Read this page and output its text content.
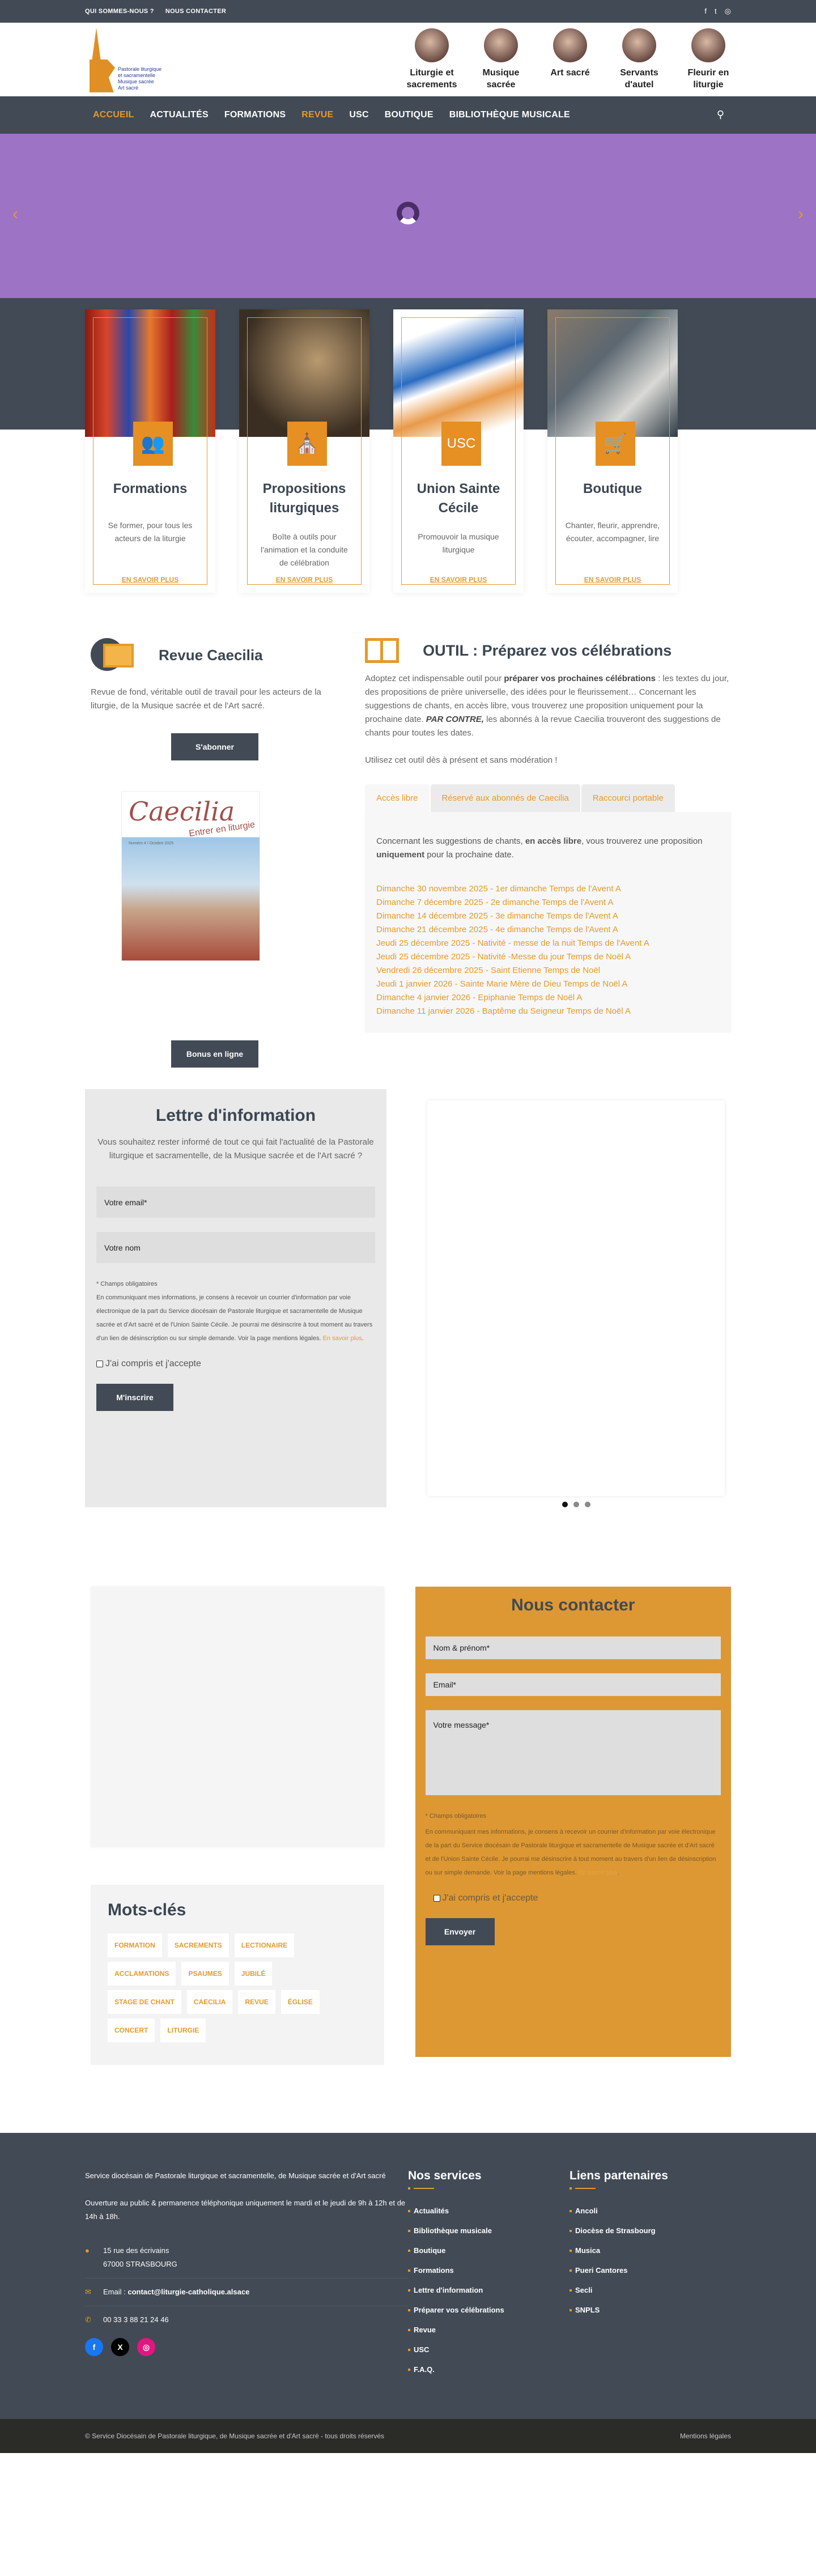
QUI SOMMES-NOUS ? NOUS CONTACTER	f t ◎
Pastorale liturgique
et sacramentelle
Musique sacrée
Art sacré
Liturgie et sacrements
Musique sacrée
Art sacré	Servants d'autel
Fleurir en liturgie
ACCUEIL ACTUALITÉS FORMATIONS REVUE USC BOUTIQUE BIBLIOTHÈQUE MUSICALE	⚲
‹	›
👥
Formations

Se former, pour tous les acteurs de la liturgie

EN SAVOIR PLUS
⛪
Propositions liturgiques

Boîte à outils pour l'animation et la conduite de célébration

EN SAVOIR PLUS
USC
Union Sainte Cécile

Promouvoir la musique liturgique

EN SAVOIR PLUS
🛒
Boutique

Chanter, fleurir, apprendre, écouter, accompagner, lire

EN SAVOIR PLUS
Revue Caecilia

Revue de fond, véritable outil de travail pour les acteurs de la liturgie, de la Musique sacrée et de l'Art sacré.

S'abonner
Caecilia
Entrer en liturgie
Numéro 4 / Octobre 2025
Bonus en ligne
OUTIL : Préparez vos célébrations

Adoptez cet indispensable outil pour préparer vos prochaines célébrations : les textes du jour, des propositions de prière universelle, des idées pour le fleurissement… Concernant les suggestions de chants, en accès libre, vous trouverez une proposition uniquement pour la prochaine date. PAR CONTRE, les abonnés à la revue Caecilia trouveront des suggestions de chants pour toutes les dates.

Utilisez cet outil dès à présent et sans modération !

Accès libre	Réservé aux abonnés de Caecilia	Raccourci portable

Concernant les suggestions de chants, en accès libre, vous trouverez une proposition uniquement pour la prochaine date.

Dimanche 30 novembre 2025 - 1er dimanche Temps de l'Avent A
Dimanche 7 décembre 2025 - 2e dimanche Temps de l'Avent A
Dimanche 14 décembre 2025 - 3e dimanche Temps de l'Avent A
Dimanche 21 décembre 2025 - 4e dimanche Temps de l'Avent A
Jeudi 25 décembre 2025 - Nativité - messe de la nuit Temps de l'Avent A
Jeudi 25 décembre 2025 - Nativité -Messe du jour Temps de Noël A
Vendredi 26 décembre 2025 - Saint Etienne Temps de Noël
Jeudi 1 janvier 2026 - Sainte Marie Mère de Dieu Temps de Noël A
Dimanche 4 janvier 2026 - Epiphanie Temps de Noël A
Dimanche 11 janvier 2026 - Baptême du Seigneur Temps de Noël A
Lettre d'information

Vous souhaitez rester informé de tout ce qui fait l'actualité de la Pastorale liturgique et sacramentelle, de la Musique sacrée et de l'Art sacré ?

Votre email*
Votre nom
* Champs obligatoires
En communiquant mes informations, je consens à recevoir un courrier d'information par voie électronique de la part du Service diocésain de Pastorale liturgique et sacramentelle de Musique sacrée et d'Art sacré et de l'Union Sainte Cécile. Je pourrai me désinscrire à tout moment au travers d'un lien de désinscription ou sur simple demande. Voir la page mentions légales. En savoir plus.
J'ai compris et j'accepte
M'inscrire
Mots-clés
FORMATION	SACREMENTS	LECTIONAIRE
ACCLAMATIONS	PSAUMES	JUBILÉ
STAGE DE CHANT	CAECILIA	REVUE	ÉGLISE
CONCERT	LITURGIE
Nous contacter
Nom & prénom*
Email*
Votre message*
* Champs obligatoires
En communiquant mes informations, je consens à recevoir un courrier d'information par voie électronique de la part du Service diocésain de Pastorale liturgique et sacramentelle de Musique sacrée et d'Art sacré et de l'Union Sainte Cécile. Je pourrai me désinscrire à tout moment au travers d'un lien de désinscription ou sur simple demande. Voir la page mentions légales. En savoir plus.
J'ai compris et j'accepte
Envoyer
Service diocésain de Pastorale liturgique et sacramentelle, de Musique sacrée et d'Art sacré
Ouverture au public & permanence téléphonique uniquement le mardi et le jeudi de 9h à 12h et de 14h à 18h.
●	15 rue des écrivains
67000 STRASBOURG
✉ Email : contact@liturgie-catholique.alsace
✆ 00 33 3 88 21 24 46
f	X	◎
Nos services
Actualités
Bibliothèque musicale
Boutique
Formations
Lettre d'information
Préparer vos célébrations
Revue
USC
F.A.Q.
Liens partenaires
Ancoli
Diocèse de Strasbourg
Musica
Pueri Cantores
Secli
SNPLS
© Service Diocésain de Pastorale liturgique, de Musique sacrée et d'Art sacré - tous droits réservés	Mentions légales
